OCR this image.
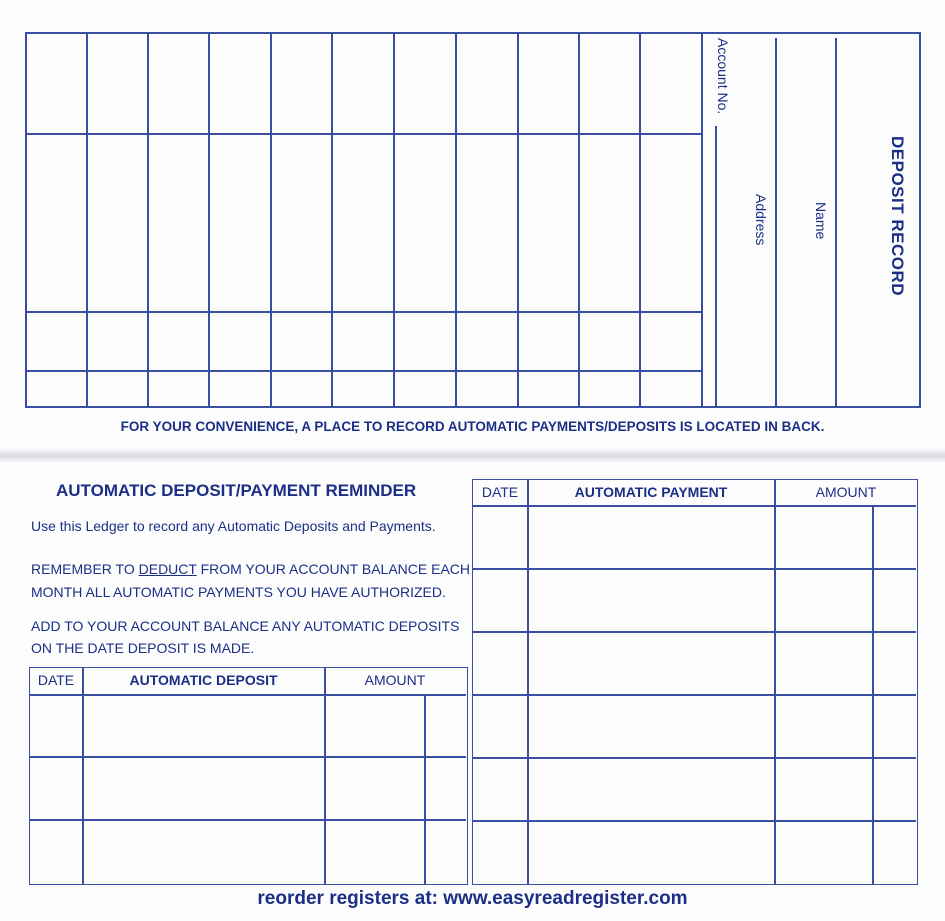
DEPOSIT RECORD
Name
Address
Account No.
FOR YOUR CONVENIENCE, A PLACE TO RECORD AUTOMATIC PAYMENTS/DEPOSITS IS LOCATED IN BACK.
AUTOMATIC DEPOSIT/PAYMENT REMINDER
Use this Ledger to record any Automatic Deposits and Payments.
REMEMBER TO DEDUCT FROM YOUR ACCOUNT BALANCE EACH
MONTH ALL AUTOMATIC PAYMENTS YOU HAVE AUTHORIZED.
ADD TO YOUR ACCOUNT BALANCE ANY AUTOMATIC DEPOSITS
ON THE DATE DEPOSIT IS MADE.
DATE	AUTOMATIC DEPOSIT	AMOUNT
DATE	AUTOMATIC PAYMENT	AMOUNT
reorder registers at: www.easyreadregister.com
